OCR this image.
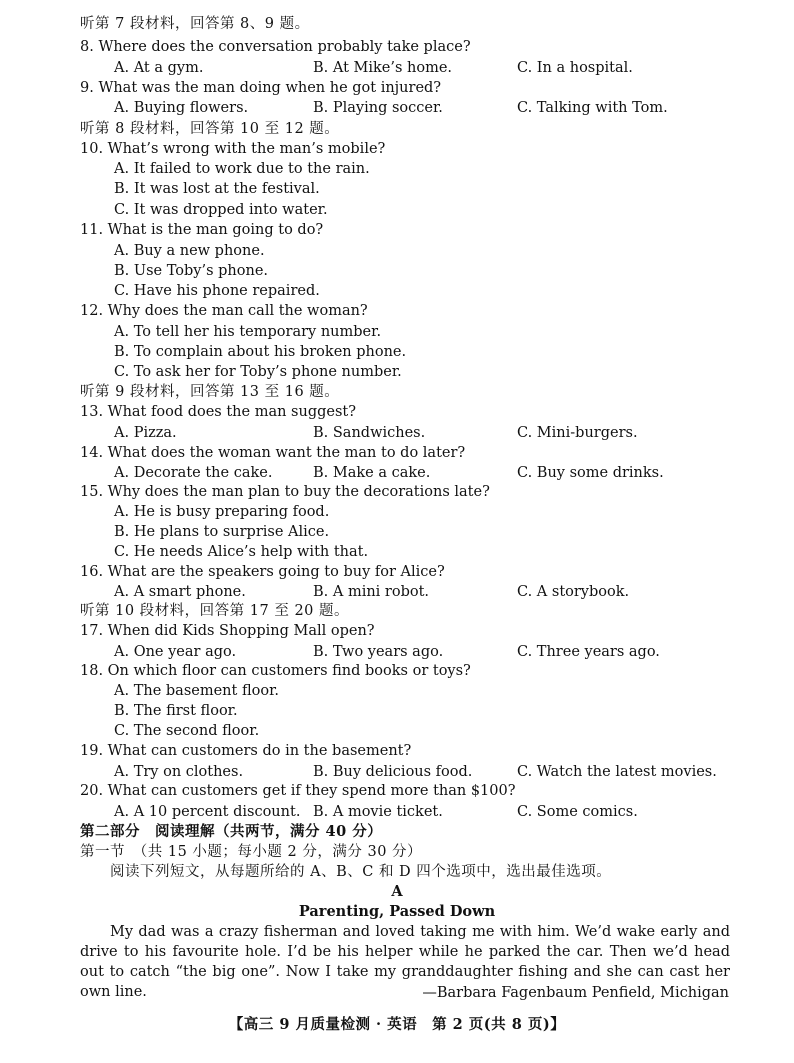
听第 7 段材料，回答第 8、9 题。
8. Where does the conversation probably take place?
A. At a gym.	B. At Mike’s home.	C. In a hospital.
9. What was the man doing when he got injured?
A. Buying flowers.	B. Playing soccer.	C. Talking with Tom.
听第 8 段材料，回答第 10 至 12 题。
10. What’s wrong with the man’s mobile?
A. It failed to work due to the rain.
B. It was lost at the festival.
C. It was dropped into water.
11. What is the man going to do?
A. Buy a new phone.
B. Use Toby’s phone.
C. Have his phone repaired.
12. Why does the man call the woman?
A. To tell her his temporary number.
B. To complain about his broken phone.
C. To ask her for Toby’s phone number.
听第 9 段材料，回答第 13 至 16 题。
13. What food does the man suggest?
A. Pizza.	B. Sandwiches.	C. Mini-burgers.
14. What does the woman want the man to do later?
A. Decorate the cake.	B. Make a cake.	C. Buy some drinks.
15. Why does the man plan to buy the decorations late?
A. He is busy preparing food.
B. He plans to surprise Alice.
C. He needs Alice’s help with that.
16. What are the speakers going to buy for Alice?
A. A smart phone.	B. A mini robot.	C. A storybook.
听第 10 段材料，回答第 17 至 20 题。
17. When did Kids Shopping Mall open?
A. One year ago.	B. Two years ago.	C. Three years ago.
18. On which floor can customers find books or toys?
A. The basement floor.
B. The first floor.
C. The second floor.
19. What can customers do in the basement?
A. Try on clothes.	B. Buy delicious food.	C. Watch the latest movies.
20. What can customers get if they spend more than $100?
A. A 10 percent discount. B. A movie ticket.	C. Some comics.
第二部分　阅读理解（共两节，满分 40 分）
第一节　（共 15 小题；每小题 2 分，满分 30 分）
阅读下列短文，从每题所给的 A、B、C 和 D 四个选项中，选出最佳选项。
A
Parenting, Passed Down
My dad was a crazy fisherman and loved taking me with him. We’d wake early and drive to his favourite hole. I’d be his helper while he parked the car. Then we’d head out to catch “the big one”. Now I take my granddaughter fishing and she can cast her own line.	—Barbara Fagenbaum Penfield, Michigan
【高三 9 月质量检测 · 英语　第 2 页(共 8 页)】
